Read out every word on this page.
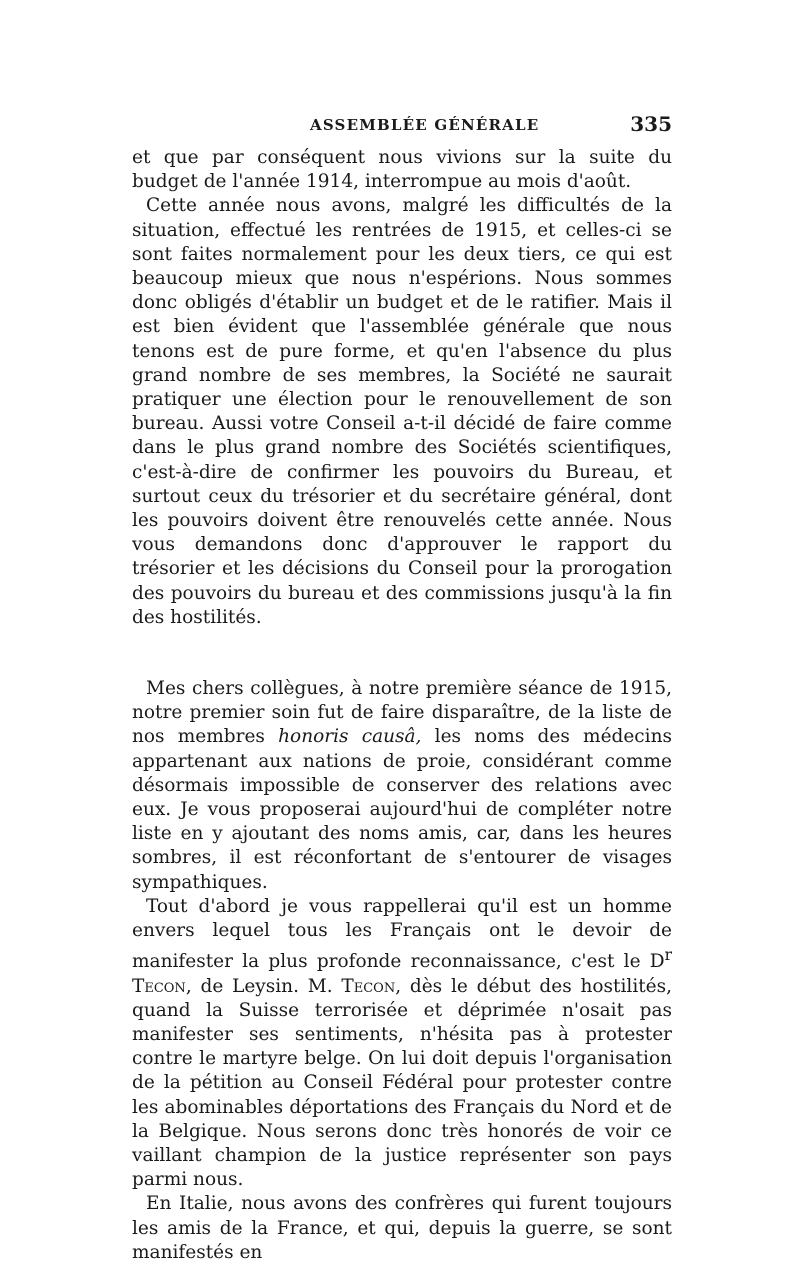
ASSEMBLÉE GÉNÉRALE	335

et que par conséquent nous vivions sur la suite du budget de l'année 1914, interrompue au mois d'août.

Cette année nous avons, malgré les difficultés de la situation, effectué les rentrées de 1915, et celles-ci se sont faites normalement pour les deux tiers, ce qui est beaucoup mieux que nous n'espérions. Nous sommes donc obligés d'établir un budget et de le ratifier. Mais il est bien évident que l'assemblée générale que nous tenons est de pure forme, et qu'en l'absence du plus grand nombre de ses membres, la Société ne saurait pratiquer une élection pour le renouvellement de son bureau. Aussi votre Conseil a-t-il décidé de faire comme dans le plus grand nombre des Sociétés scientifiques, c'est-à-dire de confirmer les pouvoirs du Bureau, et surtout ceux du trésorier et du secrétaire général, dont les pouvoirs doivent être renouvelés cette année. Nous vous demandons donc d'approuver le rapport du trésorier et les décisions du Conseil pour la prorogation des pouvoirs du bureau et des commissions jusqu'à la fin des hostilités.

Mes chers collègues, à notre première séance de 1915, notre premier soin fut de faire disparaître, de la liste de nos membres honoris causâ, les noms des médecins appartenant aux nations de proie, considérant comme désormais impossible de conserver des relations avec eux. Je vous proposerai aujourd'hui de compléter notre liste en y ajoutant des noms amis, car, dans les heures sombres, il est réconfortant de s'entourer de visages sympathiques.

Tout d'abord je vous rappellerai qu'il est un homme envers lequel tous les Français ont le devoir de manifester la plus profonde reconnaissance, c'est le $D^r$ Tecon, de Leysin. M. Tecon, dès le début des hostilités, quand la Suisse terrorisée et déprimée n'osait pas manifester ses sentiments, n'hésita pas à protester contre le martyre belge. On lui doit depuis l'organisation de la pétition au Conseil Fédéral pour protester contre les abominables déportations des Français du Nord et de la Belgique. Nous serons donc très honorés de voir ce vaillant champion de la justice représenter son pays parmi nous.

En Italie, nous avons des confrères qui furent toujours les amis de la France, et qui, depuis la guerre, se sont manifestés en
